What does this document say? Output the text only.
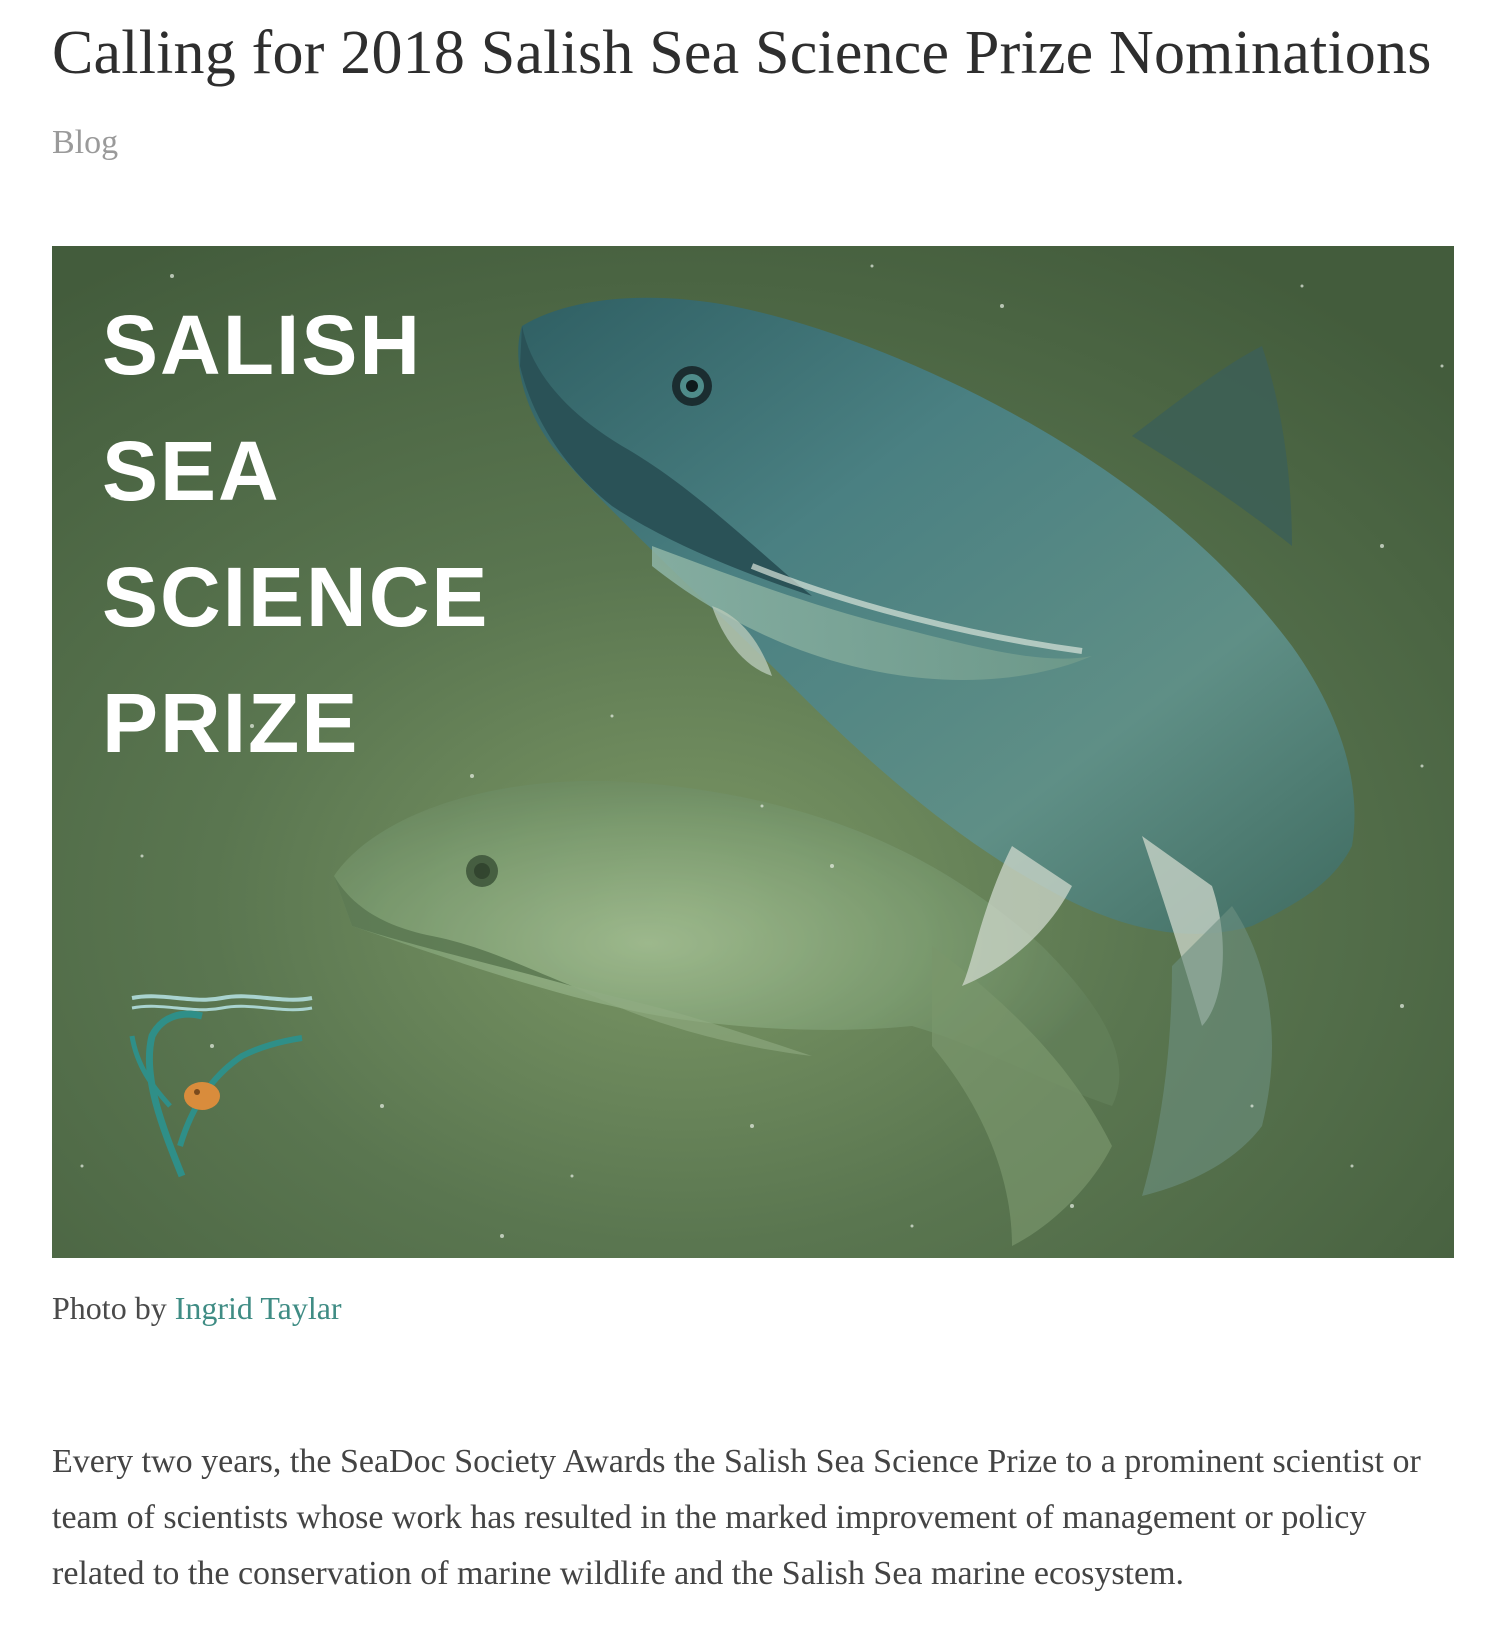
Calling for 2018 Salish Sea Science Prize Nominations
Blog
SALISH
SEA
SCIENCE
PRIZE

Photo by Ingrid Taylar

Every two years, the SeaDoc Society Awards the Salish Sea Science Prize to a prominent scientist or team of scientists whose work has resulted in the marked improvement of management or policy related to the conservation of marine wildlife and the Salish Sea marine ecosystem.
